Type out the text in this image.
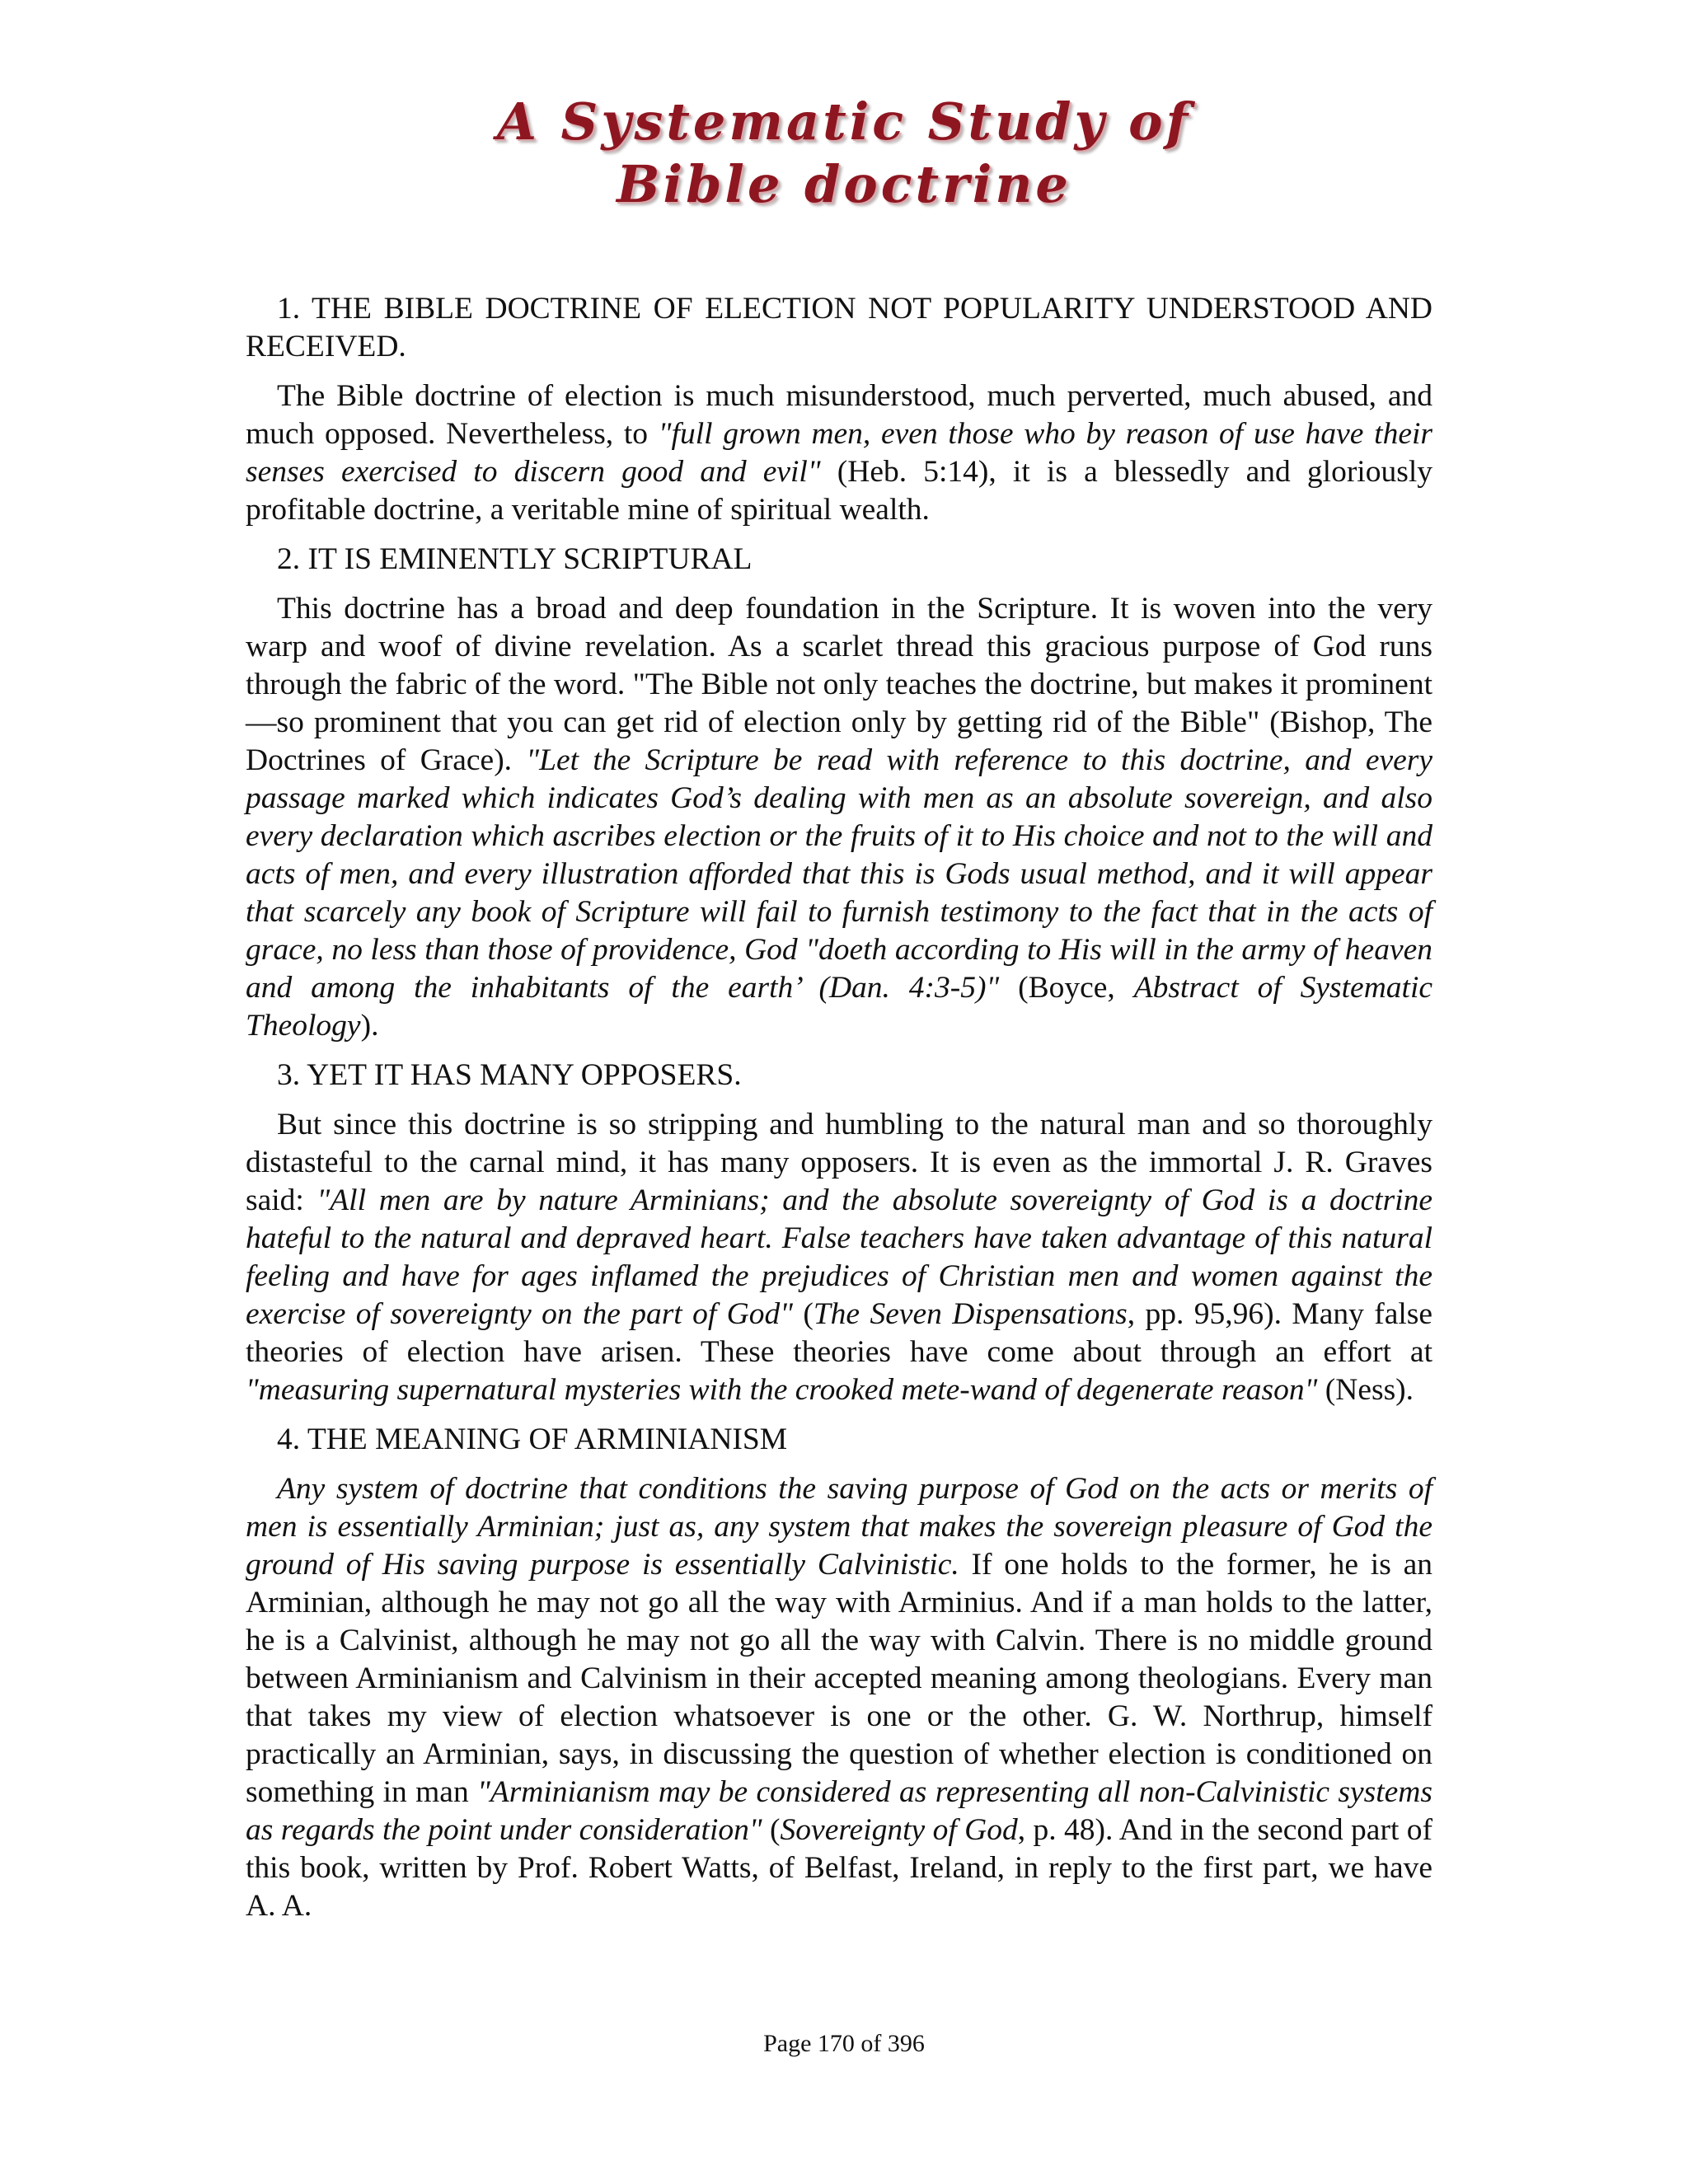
A Systematic Study of
Bible doctrine

1. THE BIBLE DOCTRINE OF ELECTION NOT POPULARITY UNDERSTOOD AND RECEIVED.

The Bible doctrine of election is much misunderstood, much perverted, much abused, and much opposed. Nevertheless, to "full grown men, even those who by reason of use have their senses exercised to discern good and evil" (Heb. 5:14), it is a blessedly and gloriously profitable doctrine, a veritable mine of spiritual wealth.

2. IT IS EMINENTLY SCRIPTURAL

This doctrine has a broad and deep foundation in the Scripture. It is woven into the very warp and woof of divine revelation. As a scarlet thread this gracious purpose of God runs through the fabric of the word. "The Bible not only teaches the doctrine, but makes it prominent—so prominent that you can get rid of election only by getting rid of the Bible" (Bishop, The Doctrines of Grace). "Let the Scripture be read with reference to this doctrine, and every passage marked which indicates God’s dealing with men as an absolute sovereign, and also every declaration which ascribes election or the fruits of it to His choice and not to the will and acts of men, and every illustration afforded that this is Gods usual method, and it will appear that scarcely any book of Scripture will fail to furnish testimony to the fact that in the acts of grace, no less than those of providence, God "doeth according to His will in the army of heaven and among the inhabitants of the earth’ (Dan. 4:3-5)" (Boyce, Abstract of Systematic Theology).

3. YET IT HAS MANY OPPOSERS.

But since this doctrine is so stripping and humbling to the natural man and so thoroughly distasteful to the carnal mind, it has many opposers. It is even as the immortal J. R. Graves said: "All men are by nature Arminians; and the absolute sovereignty of God is a doctrine hateful to the natural and depraved heart. False teachers have taken advantage of this natural feeling and have for ages inflamed the prejudices of Christian men and women against the exercise of sovereignty on the part of God" (The Seven Dispensations, pp. 95,96). Many false theories of election have arisen. These theories have come about through an effort at "measuring supernatural mysteries with the crooked mete-wand of degenerate reason" (Ness).

4. THE MEANING OF ARMINIANISM

Any system of doctrine that conditions the saving purpose of God on the acts or merits of men is essentially Arminian; just as, any system that makes the sovereign pleasure of God the ground of His saving purpose is essentially Calvinistic. If one holds to the former, he is an Arminian, although he may not go all the way with Arminius. And if a man holds to the latter, he is a Calvinist, although he may not go all the way with Calvin. There is no middle ground between Arminianism and Calvinism in their accepted meaning among theologians. Every man that takes my view of election whatsoever is one or the other. G. W. Northrup, himself practically an Arminian, says, in discussing the question of whether election is conditioned on something in man "Arminianism may be considered as representing all non-Calvinistic systems as regards the point under consideration" (Sovereignty of God, p. 48). And in the second part of this book, written by Prof. Robert Watts, of Belfast, Ireland, in reply to the first part, we have A. A.

Page 170 of 396
